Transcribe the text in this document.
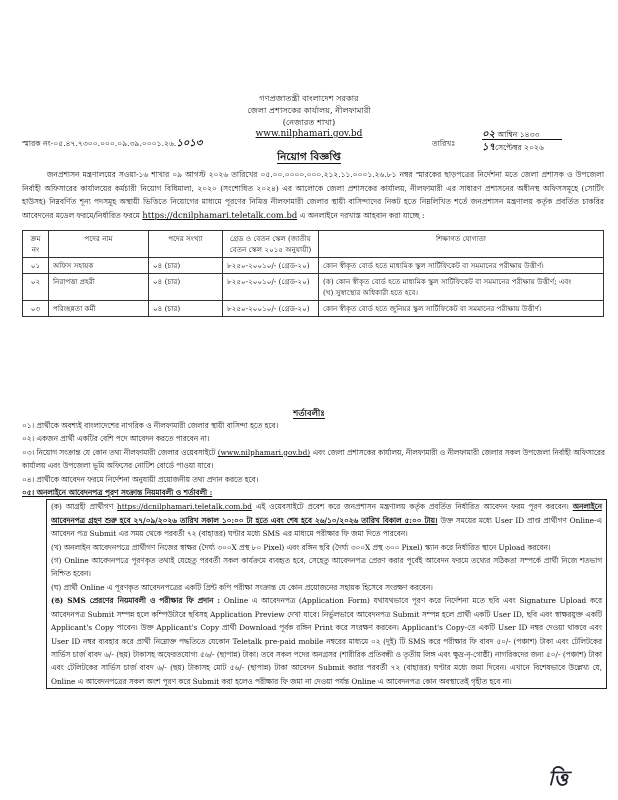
গণপ্রজাতন্ত্রী বাংলাদেশ সরকার
জেলা প্রশাসকের কার্যালয়, নীলফামারী
(নেজারত শাখা)
www.nilphamari.gov.bd
স্মারক নং-০৫.৪৭.৭৩০০.০০০.০৯.৩৯.০০০১.২৬.১০১৩	তারিখঃ
০২ আশ্বিন ১৪৩৩
১৭সেপ্টেম্বর ২০২৬
নিয়োগ বিজ্ঞপ্তি
জনপ্রশাসন মন্ত্রণালয়ের সওয়া-১৬ শাখার ০৯ আগস্ট ২০২৬ তারিখের ০৫.০০.০০০০.০০০.২১২.১১.০০০১.২৬.৮১ নম্বর স্মারকের ছাড়পত্রের নির্দেশনা মতে জেলা প্রশাসক ও উপজেলা নির্বাহী অফিসারের কার্যালয়ের কর্মচারী নিয়োগ বিধিমালা, ২০২০ (সংশোধিত ২০২৪) এর আলোকে জেলা প্রশাসকের কার্যালয়, নীলফামারী এর সাধারণ প্রশাসনের অধীনস্থ অফিসসমূহে (সোর্টিং হাউসহ) নিম্নবর্ণিত শূন্য পদসমূহ অস্থায়ী ভিত্তিতে নিয়োগের মাধ্যমে পূরণের নিমিত্ত নীলফামারী জেলার স্থায়ী বাসিন্দাদের নিকট হতে নিম্নলিখিত শর্তে জনপ্রশাসন মন্ত্রণালয় কর্তৃক প্রবর্তিত চাকরির আবেদনের মডেল ফরমে/নির্ধারিত ফরমে https://dcnilphamari.teletalk.com.bd এ অনলাইনে দরখাস্ত আহবান করা যাচ্ছে :
ক্রম নং	পদের নাম	পদের সংখ্যা	গ্রেড ও বেতন স্কেল (জাতীয় বেতন স্কেল ২০১৫ অনুযায়ী)	শিক্ষাগত যোগ্যতা
০১	অফিস সহায়ক	০৪ (চার)	৮২৫০-২০০১০/- (গ্রেড-২০)	কোন স্বীকৃত বোর্ড হতে মাধ্যমিক স্কুল সার্টিফিকেট বা সমমানের পরীক্ষায় উত্তীর্ণ।
০২	নিরাপত্তা প্রহরী	০৪ (চার)	৮২৫০-২০০১০/- (গ্রেড-২০)	(ক) কোন স্বীকৃত বোর্ড হতে মাধ্যমিক স্কুল সার্টিফিকেট বা সমমানের পরীক্ষায় উত্তীর্ণ; এবং
(খ) সুস্বাস্থ্যের অধিকারী হতে হবে।

০৩	পরিচ্ছন্নতা কর্মী	০৪ (চার)	৮২৫০-২০০১০/- (গ্রেড-২০)	কোন স্বীকৃত বোর্ড হতে জুনিয়র স্কুল সার্টিফিকেট বা সমমানের পরীক্ষায় উত্তীর্ণ।
শর্তাবলীঃ

০১। প্রার্থীকে অবশ্যই বাংলাদেশের নাগরিক ও নীলফামারী জেলার স্থায়ী বাসিন্দা হতে হবে।

০২। একজন প্রার্থী একটির বেশি পদে আবেদন করতে পারবেন না।

০৩। নিয়োগ সংক্রান্ত যে কোন তথ্য নীলফামারী জেলার ওয়েবসাইটে (www.nilphamari.gov.bd) এবং জেলা প্রশাসকের কার্যালয়, নীলফামারী ও নীলফামারী জেলার সকল উপজেলা নির্বাহী অফিসারের কার্যালয় এবং উপজেলা ভূমি অফিসের নোটিশ বোর্ডে পাওয়া যাবে।

০৪। প্রার্থীকে আবেদন ফরমে নির্দেশনা অনুযায়ী প্রয়োজনীয় তথ্য প্রদান করতে হবে।

০৫। অনলাইনে আবেদনপত্র পূরণ সংক্রান্ত নিয়মাবলী ও শর্তাবলী :

(ক) আগ্রহী প্রার্থীগণ https://dcnilphamari.teletalk.com.bd এই ওয়েবসাইটে প্রবেশ করে জনপ্রশাসন মন্ত্রণালয় কর্তৃক প্রবর্তিত নির্ধারিত আবেদন ফরম পূরণ করবেন। অনলাইনে আবেদনপত্র গ্রহণ শুরু হবে ২৭/০৯/২০২৬ তারিখ সকাল ১০:০০ টা হতে এবং শেষ হবে ২৬/১০/২০২৬ তারিখ বিকাল ৫:০০ টায়। উক্ত সময়ের মধ্যে User ID প্রাপ্ত প্রার্থীগণ Online-এ আবেদন পত্র Submit এর সময় থেকে পরবর্তী ৭২ (বাহাত্তর) ঘণ্টার মধ্যে SMS এর মাধ্যমে পরীক্ষার ফি জমা দিতে পারবেন।

(খ) অনলাইন আবেদনপত্রে প্রার্থীগণ নিজের স্বাক্ষর (দৈর্ঘ্য ৩০০X প্রস্থ ৮০ Pixel) এবং রঙ্গিন ছবি (দৈর্ঘ্য ৩০০X প্রস্থ ৩০০ Pixel) স্ক্যান করে নির্ধারিত স্থানে Upload করবেন।

(গ) Online আবেদনপত্রে পূরণকৃত তথ্যই যেহেতু পরবর্তী সকল কার্যক্রমে ব্যবহৃত হবে, সেহেতু আবেদনপত্র প্রেরণ করার পূর্বেই আবেদন ফরমে তথ্যের সঠিকতা সম্পর্কে প্রার্থী নিজে শতভাগ নিশ্চিত হবেন।

(ঘ) প্রার্থী Online এ পূরণকৃত আবেদনপত্রের একটি প্রিন্ট কপি পরীক্ষা সংক্রান্ত যে কোন প্রয়োজনের সহায়ক হিসেবে সংরক্ষণ করবেন।

(ঙ) SMS প্রেরণের নিয়মাবলী ও পরীক্ষার ফি প্রদান : Online এ আবেদনপত্র (Application Form) যথাযথভাবে পূরণ করে নির্দেশনা মতে ছবি এবং Signature Upload করে আবেদনপত্র Submit সম্পন্ন হলে কম্পিউটারে ছবিসহ Application Preview দেখা যাবে। নির্ভুলভাবে আবেদনপত্র Submit সম্পন্ন হলে প্রার্থী একটি User ID, ছবি এবং স্বাক্ষরযুক্ত একটি Applicant's Copy পাবেন। উক্ত Applicant's Copy প্রার্থী Download পূর্বক রঙ্গিন Print করে সংরক্ষণ করবেন। Applicant's Copy-তে একটি User ID নম্বর দেওয়া থাকবে এবং User ID নম্বর ব্যবহার করে প্রার্থী নিম্নোক্ত পদ্ধতিতে যেকোন Teletalk pre-paid mobile নম্বরের মাধ্যমে ০২ (দুই) টি SMS করে পরীক্ষার ফি বাবদ ৫০/- (পঞ্চাশ) টাকা এবং টেলিটকের সার্ভিস চার্জ বাবদ ৬/- (ছয়) টাকাসহ অফেরতযোগ্য ৫৬/- (ছাপান্ন) টাকা। তবে সকল পদের অনগ্রসর (শারীরিক প্রতিবন্ধী ও তৃতীয় লিঙ্গ এবং ক্ষুদ্র-নৃ-গোষ্ঠী) নাগরিকদের জন্য ৫০/- (পঞ্চাশ) টাকা এবং টেলিটকের সার্ভিস চার্জ বাবদ ৬/- (ছয়) টাকাসহ মোট ৫৬/- (ছাপান্ন) টাকা আবেদন Submit করার পরবর্তী ৭২ (বাহাত্তর) ঘণ্টার মধ্যে জমা দিবেন। এখানে বিশেষভাবে উল্লেখ্য যে, Online এ আবেদনপত্রের সকল অংশ পূরণ করে Submit করা হলেও পরীক্ষার ফি জমা না দেওয়া পর্যন্ত Online এ আবেদনপত্র কোন অবস্থাতেই গৃহীত হবে না।

ত্তি
